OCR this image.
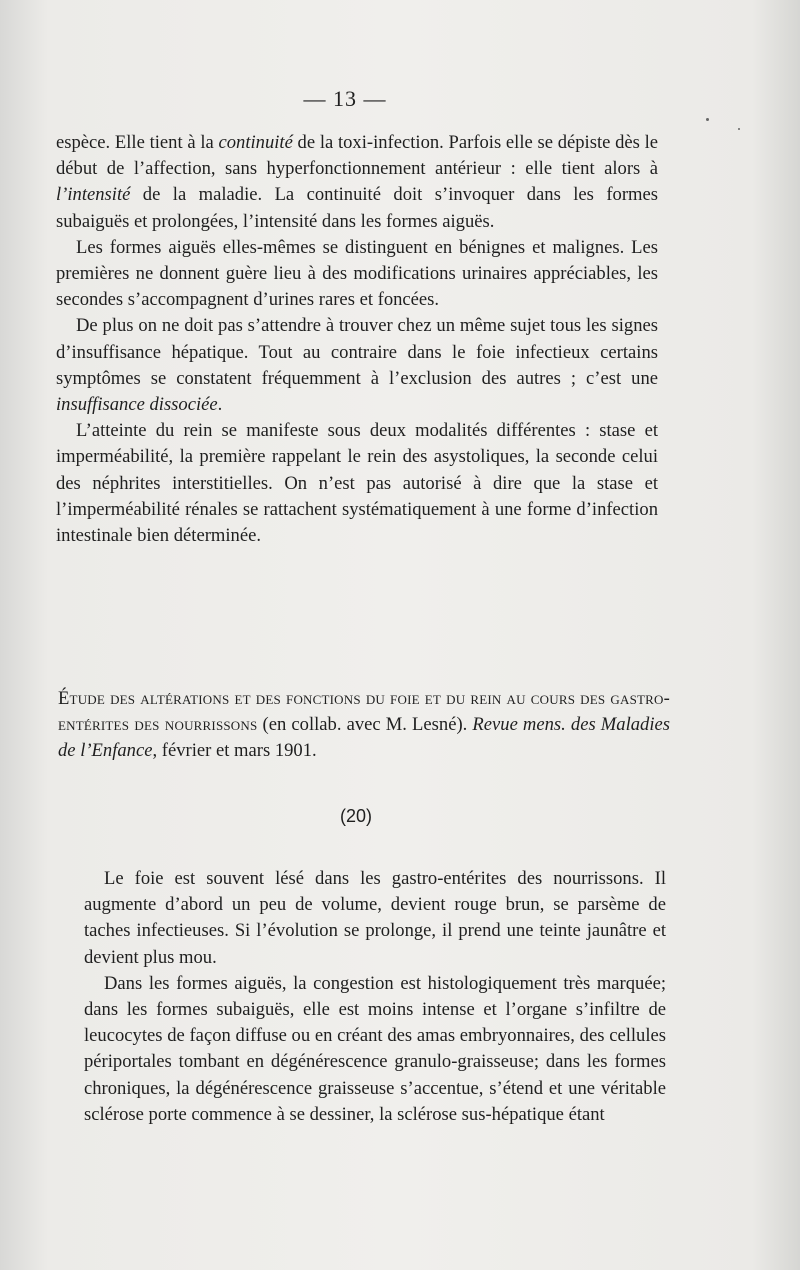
— 13 —

espèce. Elle tient à la continuité de la toxi-infection. Parfois elle se dépiste dès le début de l’affection, sans hyperfonctionnement antérieur : elle tient alors à l’intensité de la maladie. La continuité doit s’invoquer dans les formes subaiguës et prolongées, l’intensité dans les formes aiguës.

Les formes aiguës elles-mêmes se distinguent en bénignes et malignes. Les premières ne donnent guère lieu à des modifications urinaires appréciables, les secondes s’accompagnent d’urines rares et foncées.

De plus on ne doit pas s’attendre à trouver chez un même sujet tous les signes d’insuffisance hépatique. Tout au contraire dans le foie infectieux certains symptômes se constatent fréquemment à l’exclusion des autres ; c’est une insuffisance dissociée.

L’atteinte du rein se manifeste sous deux modalités différentes : stase et imperméabilité, la première rappelant le rein des asystoliques, la seconde celui des néphrites interstitielles. On n’est pas autorisé à dire que la stase et l’imperméabilité rénales se rattachent systématiquement à une forme d’infection intestinale bien déterminée.

Étude des altérations et des fonctions du foie et du rein au cours des gastro-entérites des nourrissons (en collab. avec M. Lesné). Revue mens. des Maladies de l’Enfance, février et mars 1901.
(20)

Le foie est souvent lésé dans les gastro-entérites des nourrissons. Il augmente d’abord un peu de volume, devient rouge brun, se parsème de taches infectieuses. Si l’évolution se prolonge, il prend une teinte jaunâtre et devient plus mou.

Dans les formes aiguës, la congestion est histologiquement très marquée; dans les formes subaiguës, elle est moins intense et l’organe s’infiltre de leucocytes de façon diffuse ou en créant des amas embryonnaires, des cellules périportales tombant en dégénérescence granulo-graisseuse; dans les formes chroniques, la dégénérescence graisseuse s’accentue, s’étend et une véritable sclérose porte commence à se dessiner, la sclérose sus-hépatique étant
